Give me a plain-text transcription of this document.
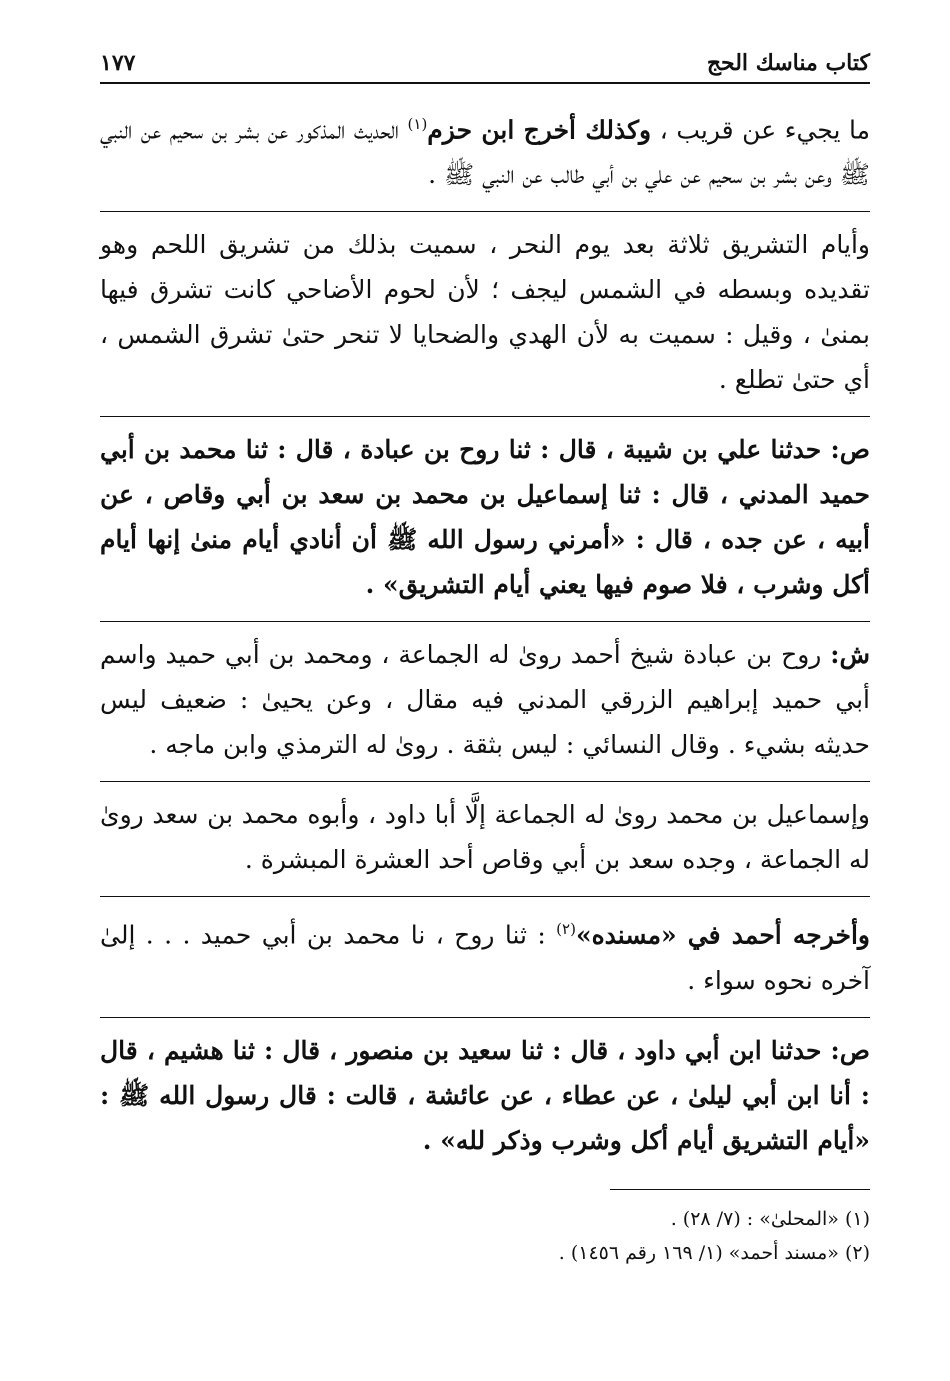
كتاب مناسك الحج
١٧٧

ما يجيء عن قريب ، وكذلك أخرج ابن حزم$^{(١)}$ الحديث المذكور عن بشر بن سحيم عن النبي ﷺ وعن بشر بن سحيم عن علي بن أبي طالب عن النبي ﷺ .

وأيام التشريق ثلاثة بعد يوم النحر ، سميت بذلك من تشريق اللحم وهو تقديده وبسطه في الشمس ليجف ؛ لأن لحوم الأضاحي كانت تشرق فيها بمنىٰ ، وقيل : سميت به لأن الهدي والضحايا لا تنحر حتىٰ تشرق الشمس ، أي حتىٰ تطلع .

ص: حدثنا علي بن شيبة ، قال : ثنا روح بن عبادة ، قال : ثنا محمد بن أبي حميد المدني ، قال : ثنا إسماعيل بن محمد بن سعد بن أبي وقاص ، عن أبيه ، عن جده ، قال : «أمرني رسول الله ﷺ أن أنادي أيام منىٰ إنها أيام أكل وشرب ، فلا صوم فيها يعني أيام التشريق» .

ش: روح بن عبادة شيخ أحمد روىٰ له الجماعة ، ومحمد بن أبي حميد واسم أبي حميد إبراهيم الزرقي المدني فيه مقال ، وعن يحيىٰ : ضعيف ليس حديثه بشيء . وقال النسائي : ليس بثقة . روىٰ له الترمذي وابن ماجه .

وإسماعيل بن محمد روىٰ له الجماعة إلَّا أبا داود ، وأبوه محمد بن سعد روىٰ له الجماعة ، وجده سعد بن أبي وقاص أحد العشرة المبشرة .

وأخرجه أحمد في «مسنده»$^{(٢)}$ : ثنا روح ، نا محمد بن أبي حميد . . . إلىٰ آخره نحوه سواء .

ص: حدثنا ابن أبي داود ، قال : ثنا سعيد بن منصور ، قال : ثنا هشيم ، قال : أنا ابن أبي ليلىٰ ، عن عطاء ، عن عائشة ، قالت : قال رسول الله ﷺ : «أيام التشريق أيام أكل وشرب وذكر لله» .

(١) «المحلىٰ» : (٧/ ٢٨) .

(٢) «مسند أحمد» (١/ ١٦٩ رقم ١٤٥٦) .
